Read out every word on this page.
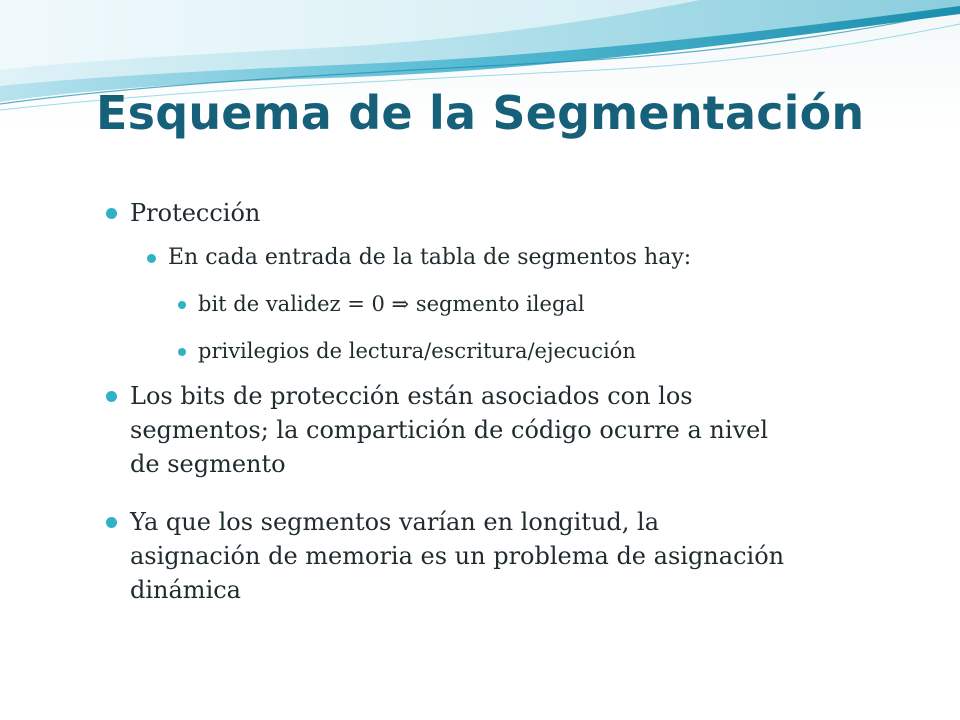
Esquema de la Segmentación
Protección
En cada entrada de la tabla de segmentos hay:
bit de validez = 0 ⇒ segmento ilegal
privilegios de lectura/escritura/ejecución
Los bits de protección están asociados con los
segmentos; la compartición de código ocurre a nivel
de segmento
Ya que los segmentos varían en longitud, la
asignación de memoria es un problema de asignación
dinámica
